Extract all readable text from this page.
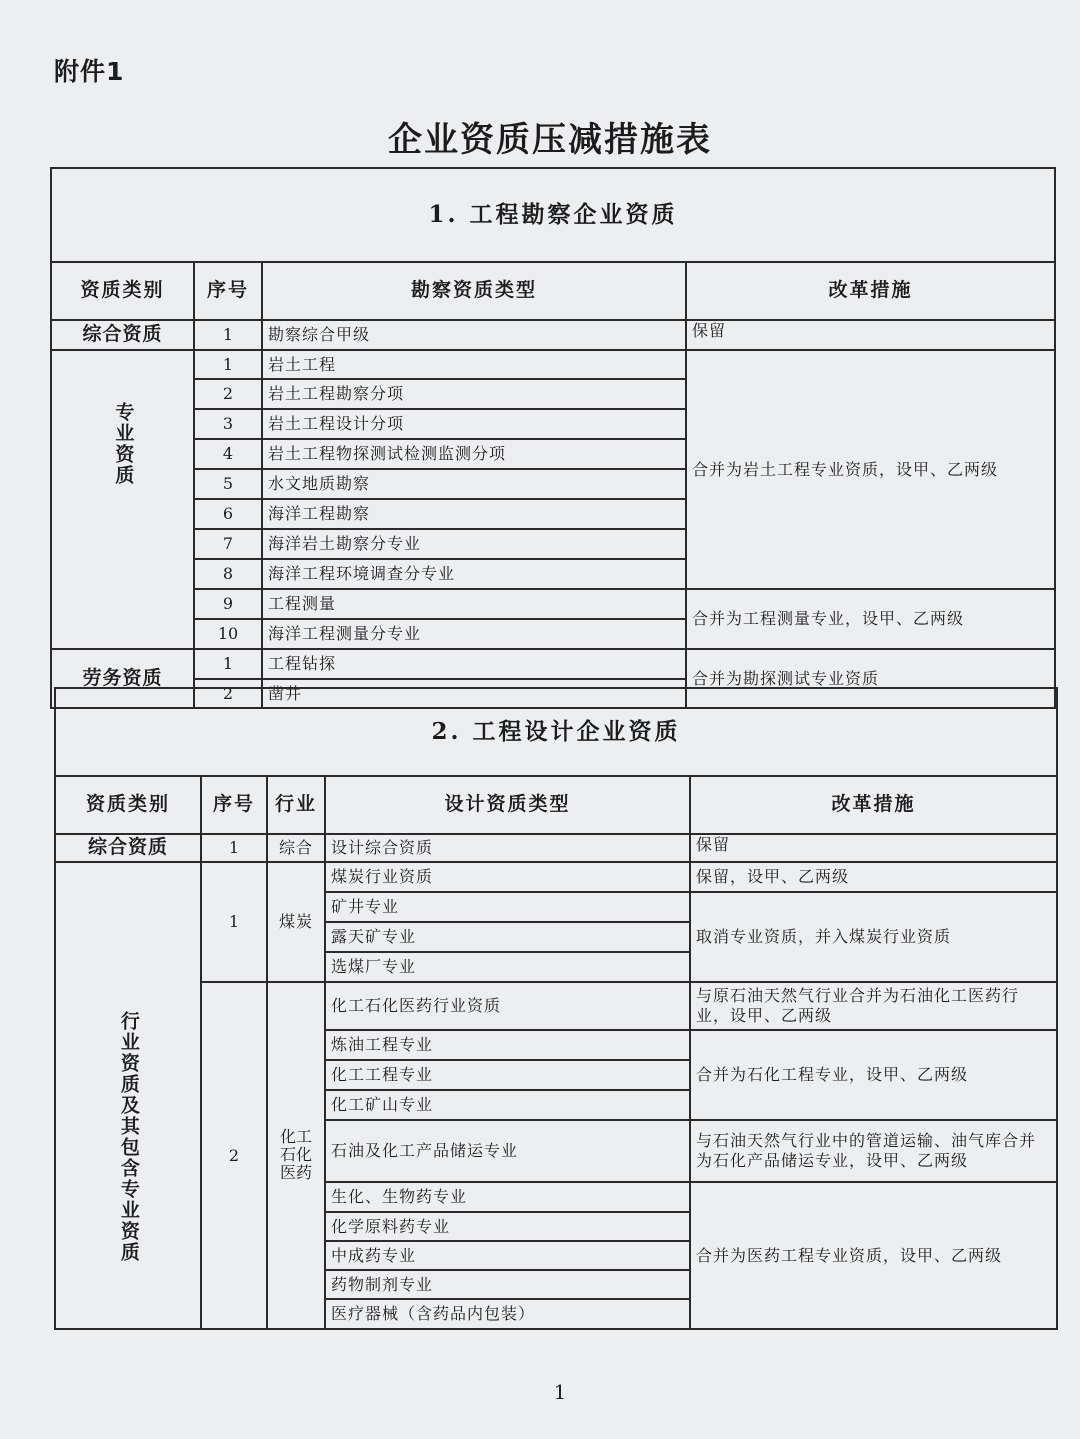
附件1
企业资质压减措施表
1. 工程勘察企业资质			
资质类别	序号	勘察资质类型	改革措施
综合资质	1	勘察综合甲级	保留
专业资质	1	岩土工程	合并为岩土工程专业资质，设甲、乙两级
	2	岩土工程勘察分项	
	3	岩土工程设计分项	
	4	岩土工程物探测试检测监测分项	
	5	水文地质勘察	
	6	海洋工程勘察	
	7	海洋岩土勘察分专业	
	8	海洋工程环境调查分专业	
	9	工程测量	合并为工程测量专业，设甲、乙两级
	10	海洋工程测量分专业	
劳务资质	1	工程钻探	合并为勘探测试专业资质
	2	凿井	
2. 工程设计企业资质				
资质类别	序号	行业	设计资质类型	改革措施
综合资质	1	综合	设计综合资质	保留
行业资质及其包含专业资质	1	煤炭	煤炭行业资质	保留，设甲、乙两级
			矿井专业	取消专业资质，并入煤炭行业资质
			露天矿专业	
			选煤厂专业	
	2	化工石化医药	化工石化医药行业资质	与原石油天然气行业合并为石油化工医药行业，设甲、乙两级
			炼油工程专业	合并为石化工程专业，设甲、乙两级
			化工工程专业	
			化工矿山专业	
			石油及化工产品储运专业	与石油天然气行业中的管道运输、油气库合并为石化产品储运专业，设甲、乙两级
			生化、生物药专业	合并为医药工程专业资质，设甲、乙两级
			化学原料药专业	
			中成药专业	
			药物制剂专业	
			医疗器械（含药品内包装）	
1
